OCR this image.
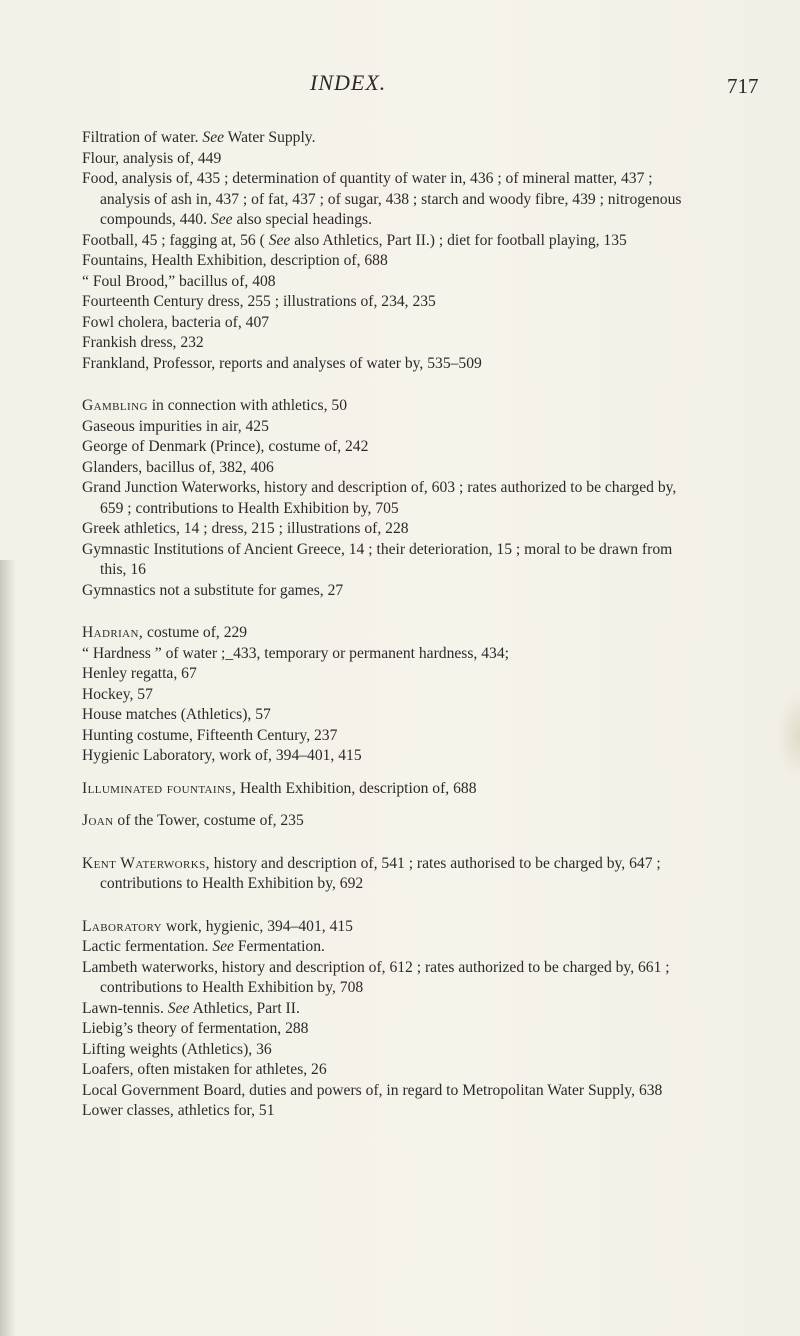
INDEX.	717

Filtration of water. See Water Supply.

Flour, analysis of, 449

Food, analysis of, 435 ; determination of quantity of water in, 436 ; of mineral matter, 437 ; analysis of ash in, 437 ; of fat, 437 ; of sugar, 438 ; starch and woody fibre, 439 ; nitrogenous compounds, 440. See also special headings.

Football, 45 ; fagging at, 56 ( See also Athletics, Part II.) ; diet for football playing, 135

Fountains, Health Exhibition, description of, 688

“ Foul Brood,” bacillus of, 408

Fourteenth Century dress, 255 ; illustrations of, 234, 235

Fowl cholera, bacteria of, 407

Frankish dress, 232

Frankland, Professor, reports and analyses of water by, 535–509

Gambling in connection with athletics, 50

Gaseous impurities in air, 425

George of Denmark (Prince), costume of, 242

Glanders, bacillus of, 382, 406

Grand Junction Waterworks, history and description of, 603 ; rates authorized to be charged by, 659 ; contributions to Health Exhibition by, 705

Greek athletics, 14 ; dress, 215 ; illustrations of, 228

Gymnastic Institutions of Ancient Greece, 14 ; their deterioration, 15 ; moral to be drawn from this, 16

Gymnastics not a substitute for games, 27

Hadrian, costume of, 229

“ Hardness ” of water ;_433, temporary or permanent hardness, 434;

Henley regatta, 67

Hockey, 57

House matches (Athletics), 57

Hunting costume, Fifteenth Century, 237

Hygienic Laboratory, work of, 394–401, 415

Illuminated fountains, Health Exhibition, description of, 688

Joan of the Tower, costume of, 235

Kent Waterworks, history and description of, 541 ; rates authorised to be charged by, 647 ; contributions to Health Exhibition by, 692

Laboratory work, hygienic, 394–401, 415

Lactic fermentation. See Fermentation.

Lambeth waterworks, history and description of, 612 ; rates authorized to be charged by, 661 ; contributions to Health Exhibition by, 708

Lawn-tennis. See Athletics, Part II.

Liebig’s theory of fermentation, 288

Lifting weights (Athletics), 36

Loafers, often mistaken for athletes, 26

Local Government Board, duties and powers of, in regard to Metropolitan Water Supply, 638

Lower classes, athletics for, 51
